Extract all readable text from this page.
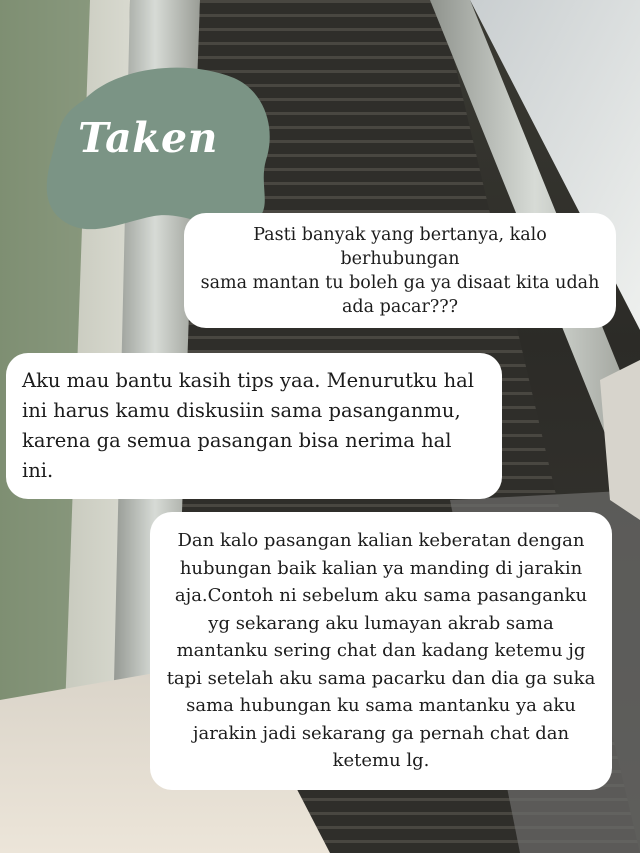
Taken
Pasti banyak yang bertanya, kalo berhubungan
sama mantan tu boleh ga ya disaat kita udah
ada pacar???
Aku mau bantu kasih tips yaa. Menurutku hal
ini harus kamu diskusiin sama pasanganmu,
karena ga semua pasangan bisa nerima hal ini.
Dan kalo pasangan kalian keberatan dengan
hubungan baik kalian ya manding di jarakin
aja.Contoh ni sebelum aku sama pasanganku
yg sekarang aku lumayan akrab sama
mantanku sering chat dan kadang ketemu jg
tapi setelah aku sama pacarku dan dia ga suka
sama hubungan ku sama mantanku ya aku
jarakin jadi sekarang ga pernah chat dan
ketemu lg.
